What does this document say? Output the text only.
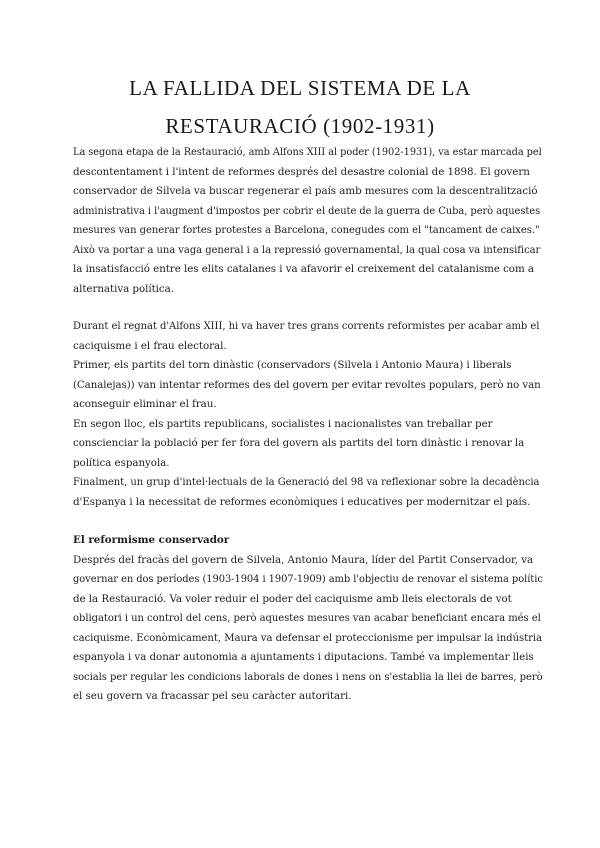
LA FALLIDA DEL SISTEMA DE LA
RESTAURACIÓ (1902-1931)
La segona etapa de la Restauració, amb Alfons XIII al poder (1902-1931), va estar marcada pel
descontentament i l'intent de reformes després del desastre colonial de 1898. El govern
conservador de Silvela va buscar regenerar el país amb mesures com la descentralització
administrativa i l'augment d'impostos per cobrir el deute de la guerra de Cuba, però aquestes
mesures van generar fortes protestes a Barcelona, conegudes com el "tancament de caixes."
Això va portar a una vaga general i a la repressió governamental, la qual cosa va intensificar
la insatisfacció entre les elits catalanes i va afavorir el creixement del catalanisme com a
alternativa política.
Durant el regnat d'Alfons XIII, hi va haver tres grans corrents reformistes per acabar amb el
caciquisme i el frau electoral.
Primer, els partits del torn dinàstic (conservadors (Silvela i Antonio Maura) i liberals
(Canalejas)) van intentar reformes des del govern per evitar revoltes populars, però no van
aconseguir eliminar el frau.
En segon lloc, els partits republicans, socialistes i nacionalistes van treballar per
conscienciar la població per fer fora del govern als partits del torn dinàstic i renovar la
política espanyola.
Finalment, un grup d'intel·lectuals de la Generació del 98 va reflexionar sobre la decadència
d'Espanya i la necessitat de reformes econòmiques i educatives per modernitzar el país.
El reformisme conservador
Després del fracàs del govern de Silvela, Antonio Maura, líder del Partit Conservador, va
governar en dos períodes (1903-1904 i 1907-1909) amb l'objectiu de renovar el sistema polític
de la Restauració. Va voler reduir el poder del caciquisme amb lleis electorals de vot
obligatori i un control del cens, però aquestes mesures van acabar beneficiant encara més el
caciquisme. Econòmicament, Maura va defensar el proteccionisme per impulsar la indústria
espanyola i va donar autonomia a ajuntaments i diputacions. També va implementar lleis
socials per regular les condicions laborals de dones i nens on s'establia la llei de barres, però
el seu govern va fracassar pel seu caràcter autoritari.
